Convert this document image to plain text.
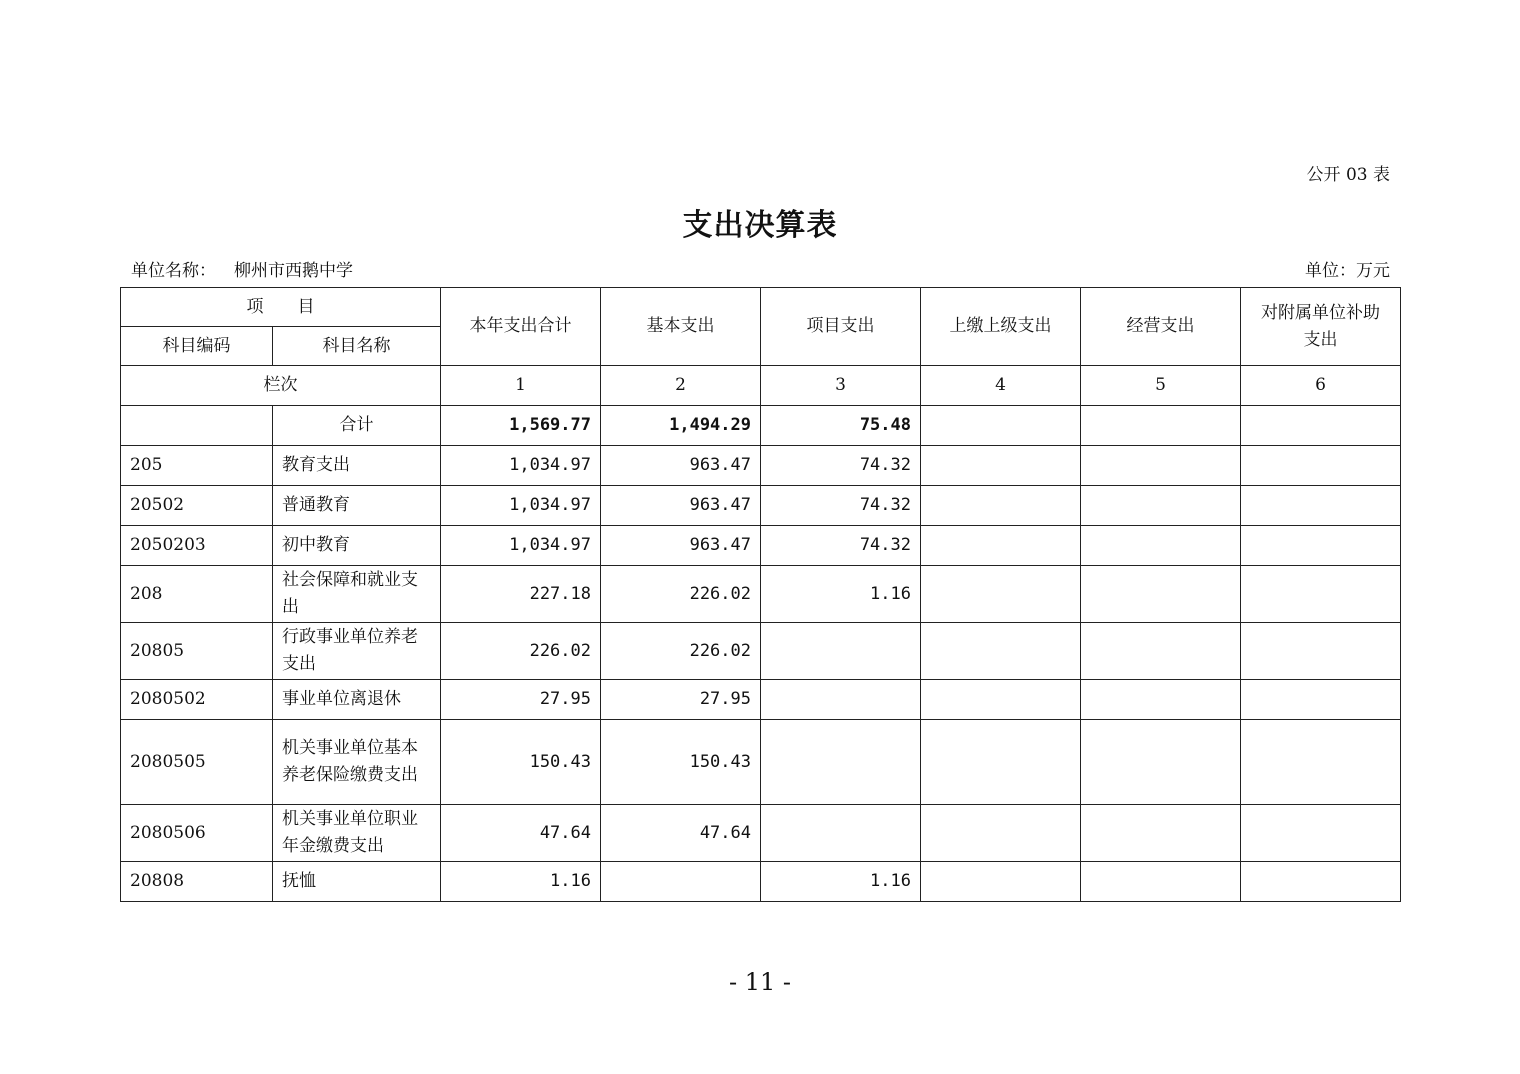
公开 03 表
支出决算表
单位名称： 柳州市西鹅中学	单位：万元
项　　目		本年支出合计	基本支出	项目支出	上缴上级支出	经营支出	对附属单位补助支出
科目编码	科目名称						
栏次		1	2	3	4	5	6
	合计	1,569.77	1,494.29	75.48			
205	教育支出	1,034.97	963.47	74.32			
20502	普通教育	1,034.97	963.47	74.32			
2050203	初中教育	1,034.97	963.47	74.32			
208	社会保障和就业支出	227.18	226.02	1.16			
20805	行政事业单位养老支出	226.02	226.02				
2080502	事业单位离退休	27.95	27.95				
2080505	机关事业单位基本养老保险缴费支出	150.43	150.43				
2080506	机关事业单位职业年金缴费支出	47.64	47.64				
20808	抚恤	1.16		1.16			
- 11 -
